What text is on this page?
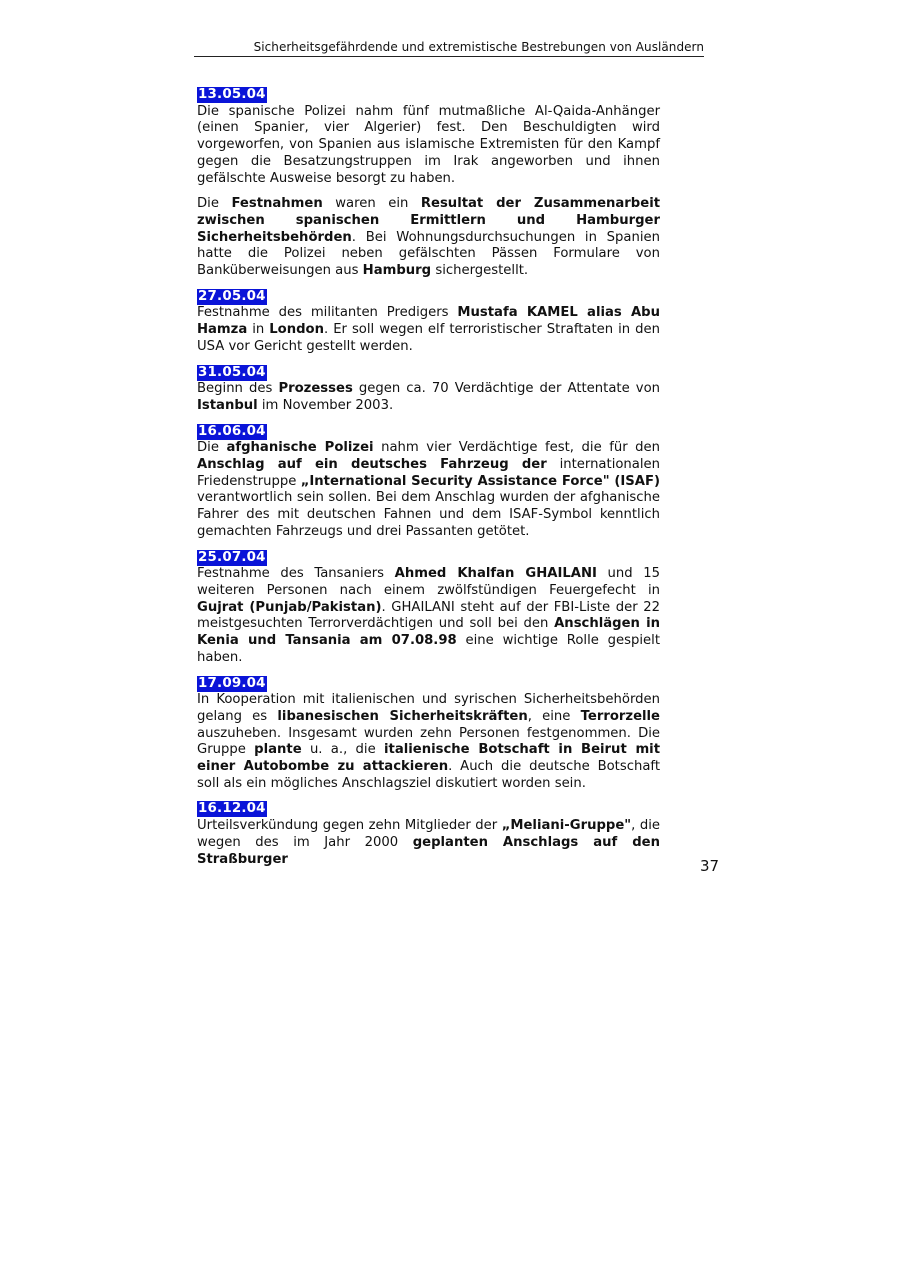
Sicherheitsgefährdende und extremistische Bestrebungen von Ausländern
13.05.04

Die spanische Polizei nahm fünf mutmaßliche Al-Qaida-Anhänger (einen Spanier, vier Algerier) fest. Den Beschuldigten wird vorgeworfen, von Spanien aus islamische Extremisten für den Kampf gegen die Besatzungstruppen im Irak angeworben und ihnen gefälschte Ausweise besorgt zu haben.

Die Festnahmen waren ein Resultat der Zusammenarbeit zwischen spanischen Ermittlern und Hamburger Sicherheitsbehörden. Bei Wohnungsdurchsuchungen in Spanien hatte die Polizei neben gefälschten Pässen Formulare von Banküberweisungen aus Hamburg sichergestellt.

27.05.04

Festnahme des militanten Predigers Mustafa KAMEL alias Abu Hamza in London. Er soll wegen elf terroristischer Straftaten in den USA vor Gericht gestellt werden.

31.05.04

Beginn des Prozesses gegen ca. 70 Verdächtige der Attentate von Istanbul im November 2003.

16.06.04

Die afghanische Polizei nahm vier Verdächtige fest, die für den Anschlag auf ein deutsches Fahrzeug der internationalen Friedenstruppe „International Security Assistance Force" (ISAF) verantwortlich sein sollen. Bei dem Anschlag wurden der afghanische Fahrer des mit deutschen Fahnen und dem ISAF-Symbol kenntlich gemachten Fahrzeugs und drei Passanten getötet.

25.07.04

Festnahme des Tansaniers Ahmed Khalfan GHAILANI und 15 weiteren Personen nach einem zwölfstündigen Feuergefecht in Gujrat (Punjab/Pakistan). GHAILANI steht auf der FBI-Liste der 22 meistgesuchten Terrorverdächtigen und soll bei den Anschlägen in Kenia und Tansania am 07.08.98 eine wichtige Rolle gespielt haben.

17.09.04

In Kooperation mit italienischen und syrischen Sicherheitsbehörden gelang es libanesischen Sicherheitskräften, eine Terrorzelle auszuheben. Insgesamt wurden zehn Personen festgenommen. Die Gruppe plante u. a., die italienische Botschaft in Beirut mit einer Autobombe zu attackieren. Auch die deutsche Botschaft soll als ein mögliches Anschlagsziel diskutiert worden sein.

16.12.04

Urteilsverkündung gegen zehn Mitglieder der „Meliani-Gruppe", die wegen des im Jahr 2000 geplanten Anschlags auf den Straßburger	37
